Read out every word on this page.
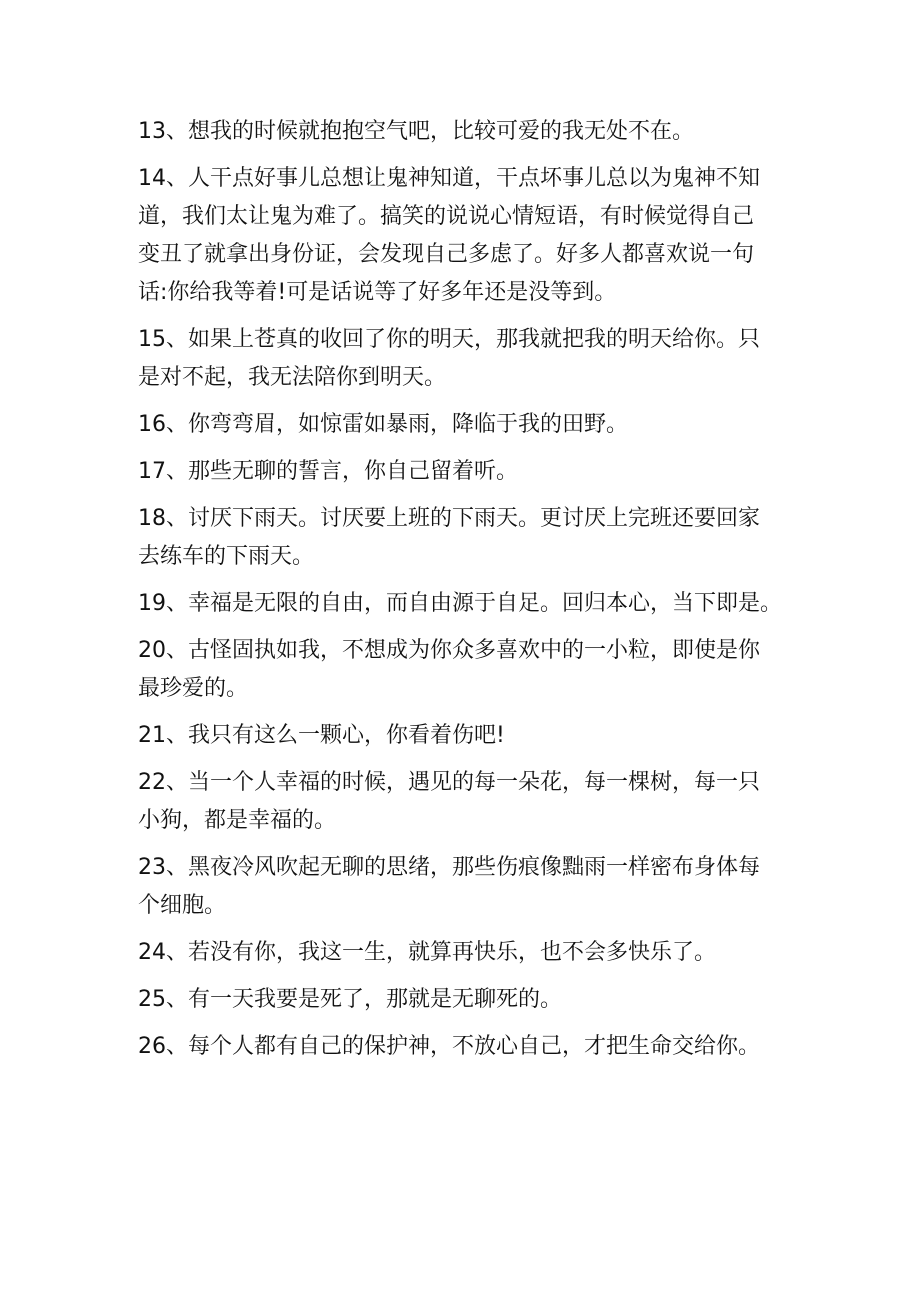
13、想我的时候就抱抱空气吧，比较可爱的我无处不在。

14、人干点好事儿总想让鬼神知道，干点坏事儿总以为鬼神不知
道，我们太让鬼为难了。搞笑的说说心情短语，有时候觉得自己
变丑了就拿出身份证，会发现自己多虑了。好多人都喜欢说一句
话:你给我等着!可是话说等了好多年还是没等到。

15、如果上苍真的收回了你的明天，那我就把我的明天给你。只
是对不起，我无法陪你到明天。

16、你弯弯眉，如惊雷如暴雨，降临于我的田野。

17、那些无聊的誓言，你自己留着听。

18、讨厌下雨天。讨厌要上班的下雨天。更讨厌上完班还要回家
去练车的下雨天。

19、幸福是无限的自由，而自由源于自足。回归本心，当下即是。

20、古怪固执如我，不想成为你众多喜欢中的一小粒，即使是你
最珍爱的。

21、我只有这么一颗心，你看着伤吧!

22、当一个人幸福的时候，遇见的每一朵花，每一棵树，每一只
小狗，都是幸福的。

23、黑夜冷风吹起无聊的思绪，那些伤痕像黜雨一样密布身体每
个细胞。

24、若没有你，我这一生，就算再快乐，也不会多快乐了。

25、有一天我要是死了，那就是无聊死的。

26、每个人都有自己的保护神，不放心自己，才把生命交给你。
